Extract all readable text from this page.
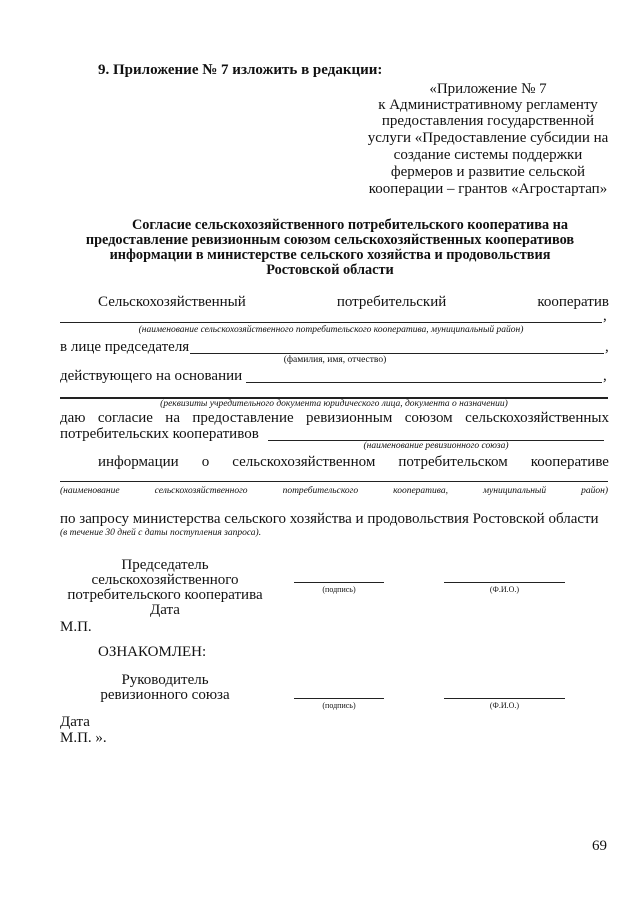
9. Приложение № 7 изложить в редакции:
«Приложение № 7
к Административному регламенту
предоставления государственной
услуги «Предоставление субсидии на
создание системы поддержки
фермеров и развитие сельской
кооперации – грантов «Агростартап»
Согласие сельскохозяйственного потребительского кооператива на
предоставление ревизионным союзом сельскохозяйственных кооперативов
информации в министерстве сельского хозяйства и продовольствия
Ростовской области
Сельскохозяйственный	потребительский	кооператив
,
(наименование сельскохозяйственного потребительского кооператива, муниципальный район)
в лице председателя	,
(фамилия, имя, отчество)
действующего на основании	,
(реквизиты учредительного документа юридического лица, документа о назначении)
даю согласие на предоставление ревизионным союзом сельскохозяйственных
потребительских кооперативов
(наименование ревизионного союза)
информации о сельскохозяйственном потребительском кооперативе
(наименование	сельскохозяйственного	потребительского	кооператива,	муниципальный	район)
по запросу министерства сельского хозяйства и продовольствия Ростовской области
(в течение 30 дней с даты поступления запроса).
Председатель
сельскохозяйственного
потребительского кооператива
Дата
М.П.
(подпись)	(Ф.И.О.)
ОЗНАКОМЛЕН:
Руководитель
ревизионного союза
(подпись)	(Ф.И.О.)
Дата
М.П. ».
69
